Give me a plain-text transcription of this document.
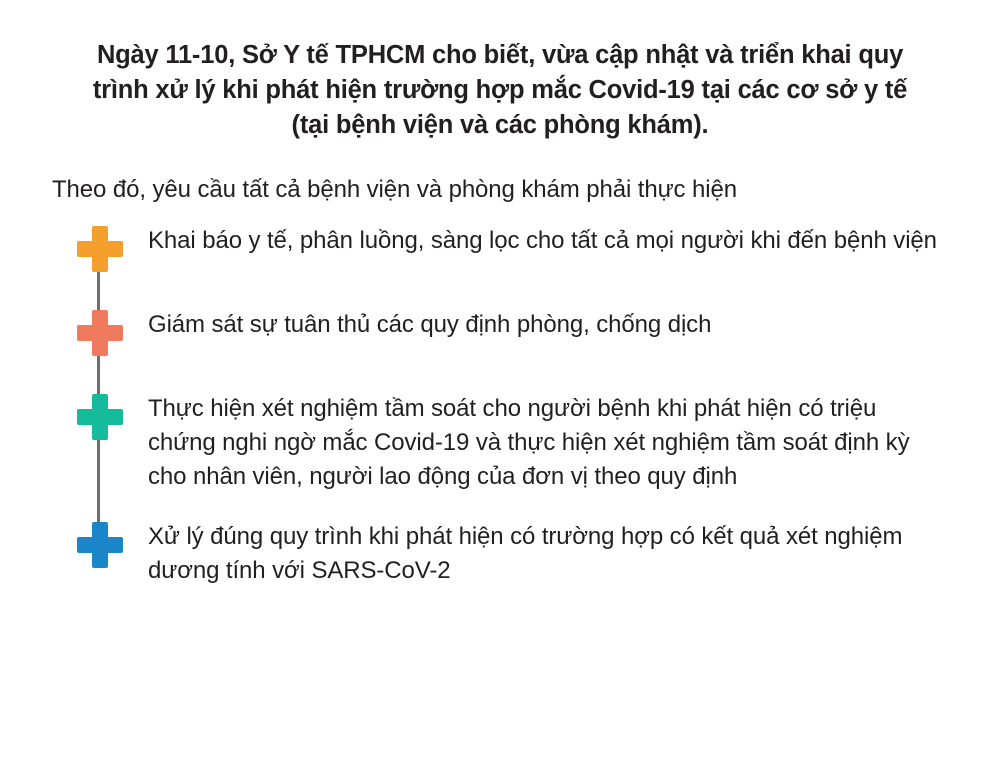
Ngày 11-10, Sở Y tế TPHCM cho biết, vừa cập nhật và triển khai quy trình xử lý khi phát hiện trường hợp mắc Covid-19 tại các cơ sở y tế (tại bệnh viện và các phòng khám).

Theo đó, yêu cầu tất cả bệnh viện và phòng khám phải thực hiện

Khai báo y tế, phân luồng, sàng lọc cho tất cả mọi người khi đến bệnh viện
Giám sát sự tuân thủ các quy định phòng, chống dịch
Thực hiện xét nghiệm tầm soát cho người bệnh khi phát hiện có triệu chứng nghi ngờ mắc Covid-19 và thực hiện xét nghiệm tầm soát định kỳ cho nhân viên, người lao động của đơn vị theo quy định
Xử lý đúng quy trình khi phát hiện có trường hợp có kết quả xét nghiệm dương tính với SARS-CoV-2
